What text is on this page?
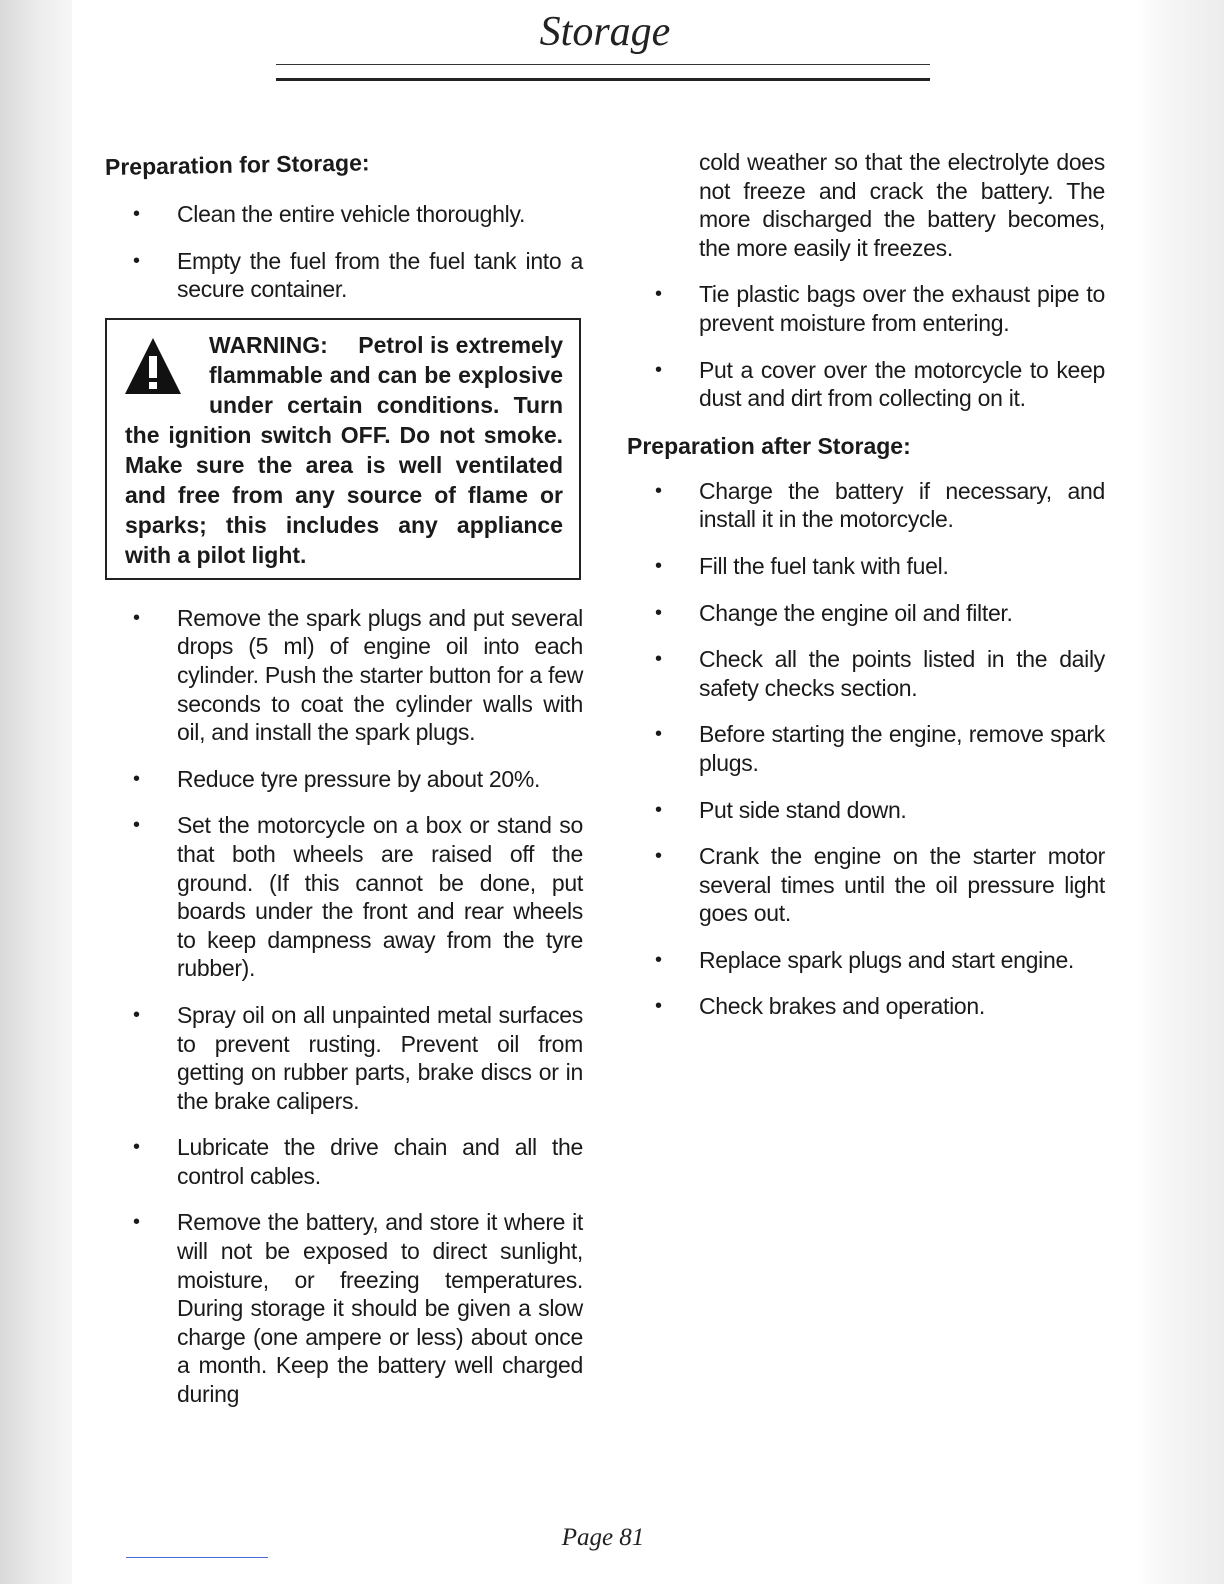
Storage
Preparation for Storage:
• Clean the entire vehicle thoroughly.
• Empty the fuel from the fuel tank into a secure container.
WARNING: Petrol is extremely flammable and can be explosive under certain conditions. Turn the ignition switch OFF. Do not smoke. Make sure the area is well ventilated and free from any source of flame or sparks; this includes any appliance with a pilot light.
• Remove the spark plugs and put several drops (5 ml) of engine oil into each cylinder. Push the starter button for a few seconds to coat the cylinder walls with oil, and install the spark plugs.
• Reduce tyre pressure by about 20%.
• Set the motorcycle on a box or stand so that both wheels are raised off the ground. (If this cannot be done, put boards under the front and rear wheels to keep dampness away from the tyre rubber).
• Spray oil on all unpainted metal surfaces to prevent rusting. Prevent oil from getting on rubber parts, brake discs or in the brake calipers.
• Lubricate the drive chain and all the control cables.
• Remove the battery, and store it where it will not be exposed to direct sunlight, moisture, or freezing temperatures. During storage it should be given a slow charge (one ampere or less) about once a month. Keep the battery well charged during

cold weather so that the electrolyte does not freeze and crack the battery. The more discharged the battery becomes, the more easily it freezes.

• Tie plastic bags over the exhaust pipe to prevent moisture from entering.
• Put a cover over the motorcycle to keep dust and dirt from collecting on it.
Preparation after Storage:
• Charge the battery if necessary, and install it in the motorcycle.
• Fill the fuel tank with fuel.
• Change the engine oil and filter.
• Check all the points listed in the daily safety checks section.
• Before starting the engine, remove spark plugs.
• Put side stand down.
• Crank the engine on the starter motor several times until the oil pressure light goes out.
• Replace spark plugs and start engine.
• Check brakes and operation.
Page 81
